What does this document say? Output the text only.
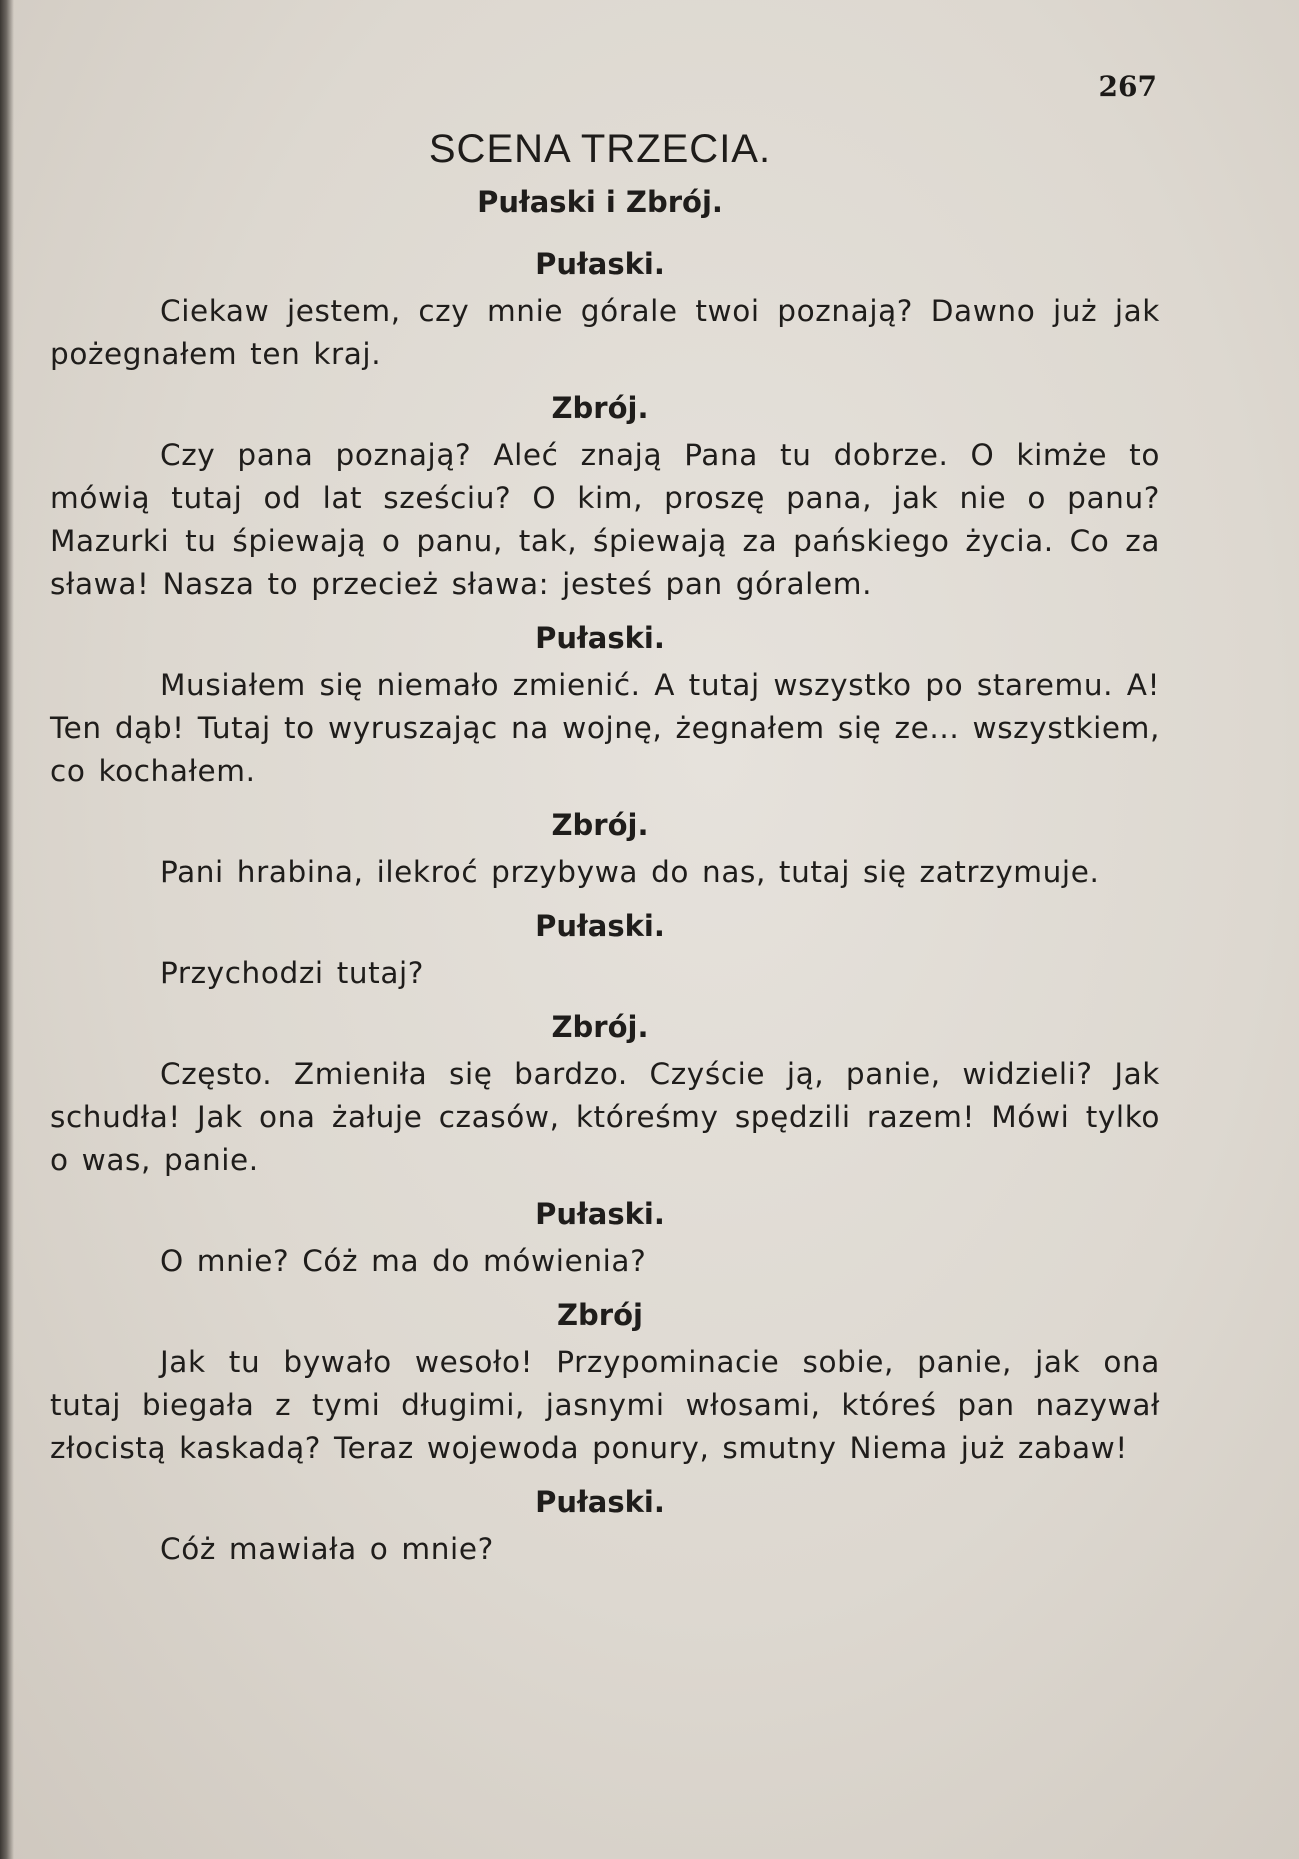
267
SCENA TRZECIA.
Pułaski i Zbrój.
Pułaski.

Ciekaw jestem, czy mnie górale twoi poznają? Dawno już jak pożegnałem ten kraj.

Zbrój.

Czy pana poznają? Alеć znają Pana tu dobrze. O kimże to mówią tutaj od lat sześciu? O kim, proszę pana, jak nie o panu? Mazurki tu śpiewają o panu, tak, śpiewają za pańskiego życia. Co za sława! Nasza to przecież sława: jesteś pan góralem.

Pułaski.

Musiałem się niemało zmienić. A tutaj wszystko po staremu. A! Ten dąb! Tutaj to wyruszając na wojnę, żegnałem się ze... wszystkiem, co kochałem.

Zbrój.

Pani hrabina, ilekroć przybywa do nas, tutaj się zatrzymuje.

Pułaski.

Przychodzi tutaj?

Zbrój.

Często. Zmieniła się bardzo. Czyście ją, panie, widzieli? Jak schudła! Jak ona żałuje czasów, któreśmy spędzili razem! Mówi tylko o was, panie.

Pułaski.

O mnie? Cóż ma do mówienia?

Zbrój

Jak tu bywało wesoło! Przypominacie sobie, panie, jak ona tutaj biegała z tymi długimi, jasnymi włosami, któreś pan nazywał złocistą kaskadą? Teraz wojewoda ponury, smutny Niema już zabaw!

Pułaski.

Cóż mawiała o mnie?
